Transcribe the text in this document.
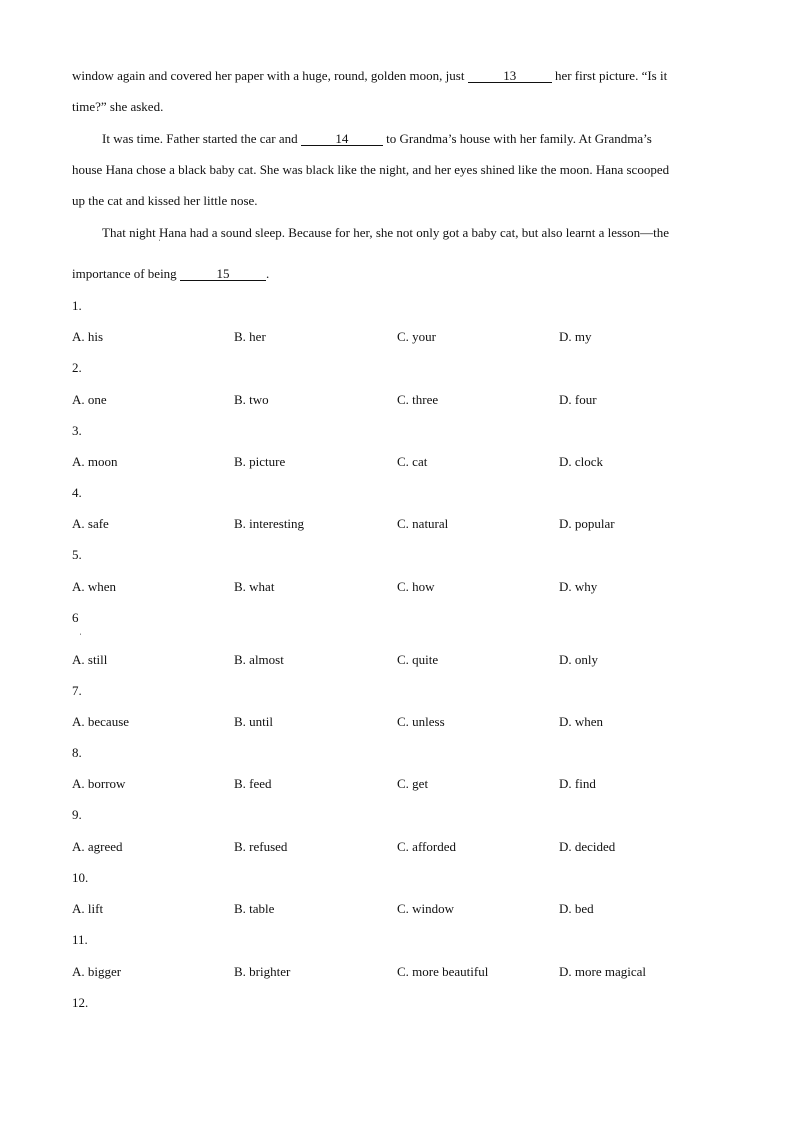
window again and covered her paper with a huge, round, golden moon, just	13	her first picture. “Is it
time?” she asked.
It was time. Father started the car and	14	to Grandma’s house with her family. At Grandma’s
house Hana chose a black baby cat. She was black like the night, and her eyes shined like the moon. Hana scooped
up the cat and kissed her little nose.
That night Hana had a sound sleep. Because for her, she not only got a baby cat, but also learnt a lesson—the
ˈ
importance of being	15	.
1.
A. his	B. her	C. your	D. my
2.
A. one	B. two	C. three	D. four
3.
A. moon	B. picture	C. cat	D. clock
4.
A. safe	B. interesting	C. natural	D. popular
5.
A. when	B. what	C. how	D. why
6
ˌ
A. still	B. almost	C. quite	D. only
7.
A. because	B. until	C. unless	D. when
8.
A. borrow	B. feed	C. get	D. find
9.
A. agreed	B. refused	C. afforded	D. decided
10.
A. lift	B. table	C. window	D. bed
11.
A. bigger	B. brighter	C. more beautiful	D. more magical
12.
